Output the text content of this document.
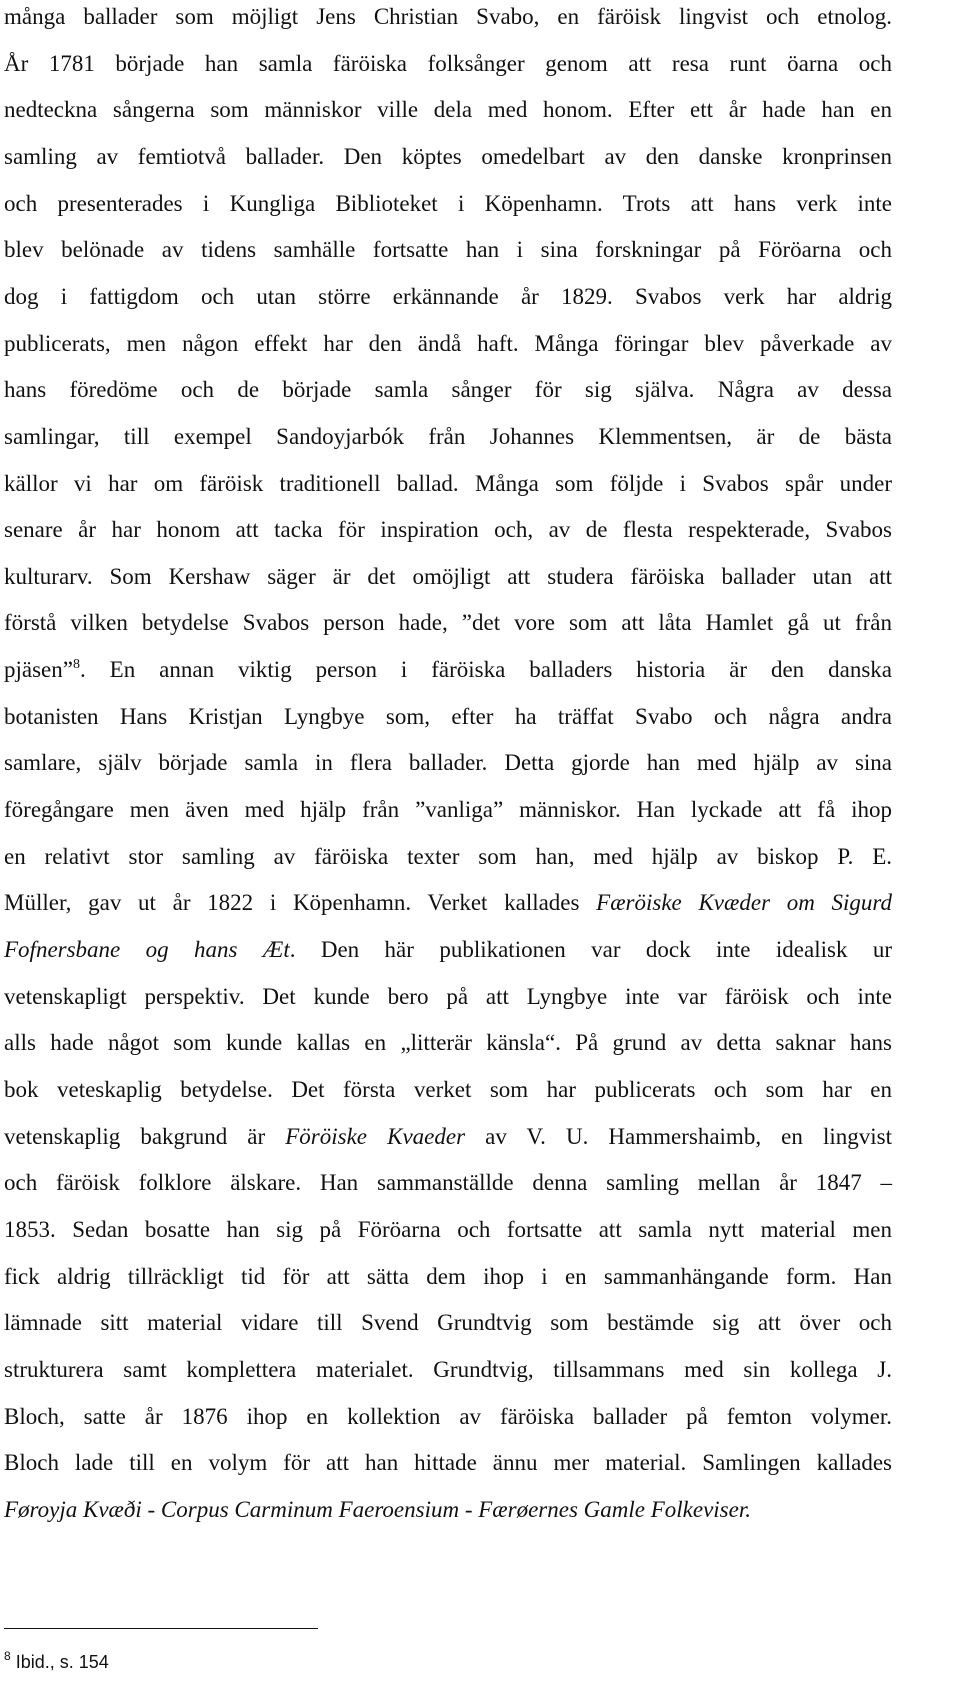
många ballader som möjligt Jens Christian Svabo, en färöisk lingvist och etnolog.
År 1781 började han samla färöiska folksånger genom att resa runt öarna och
nedteckna sångerna som människor ville dela med honom. Efter ett år hade han en
samling av femtiotvå ballader. Den köptes omedelbart av den danske kronprinsen
och presenterades i Kungliga Biblioteket i Köpenhamn. Trots att hans verk inte
blev belönade av tidens samhälle fortsatte han i sina forskningar på Föröarna och
dog i fattigdom och utan större erkännande år 1829. Svabos verk har aldrig
publicerats, men någon effekt har den ändå haft. Många föringar blev påverkade av
hans föredöme och de började samla sånger för sig själva. Några av dessa
samlingar, till exempel Sandoyjarbók från Johannes Klemmentsen, är de bästa
källor vi har om färöisk traditionell ballad. Många som följde i Svabos spår under
senare år har honom att tacka för inspiration och, av de flesta respekterade, Svabos
kulturarv. Som Kershaw säger är det omöjligt att studera färöiska ballader utan att
förstå vilken betydelse Svabos person hade, ”det vore som att låta Hamlet gå ut från
pjäsen”$^8$. En annan viktig person i färöiska balladers historia är den danska
botanisten Hans Kristjan Lyngbye som, efter ha träffat Svabo och några andra
samlare, själv började samla in flera ballader. Detta gjorde han med hjälp av sina
föregångare men även med hjälp från ”vanliga” människor. Han lyckade att få ihop
en relativt stor samling av färöiska texter som han, med hjälp av biskop P. E.
Müller, gav ut år 1822 i Köpenhamn. Verket kallades Færöiske Kvæder om Sigurd
Fofnersbane og hans Æt. Den här publikationen var dock inte idealisk ur
vetenskapligt perspektiv. Det kunde bero på att Lyngbye inte var färöisk och inte
alls hade något som kunde kallas en „litterär känsla“. På grund av detta saknar hans
bok veteskaplig betydelse. Det första verket som har publicerats och som har en
vetenskaplig bakgrund är Föröiske Kvaeder av V. U. Hammershaimb, en lingvist
och färöisk folklore älskare. Han sammanställde denna samling mellan år 1847 –
1853. Sedan bosatte han sig på Föröarna och fortsatte att samla nytt material men
fick aldrig tillräckligt tid för att sätta dem ihop i en sammanhängande form. Han
lämnade sitt material vidare till Svend Grundtvig som bestämde sig att över och
strukturera samt komplettera materialet. Grundtvig, tillsammans med sin kollega J.
Bloch, satte år 1876 ihop en kollektion av färöiska ballader på femton volymer.
Bloch lade till en volym för att han hittade ännu mer material. Samlingen kallades
Føroyja Kvæði - Corpus Carminum Faeroensium - Færøernes Gamle Folkeviser.
$^8$ Ibid., s. 154
